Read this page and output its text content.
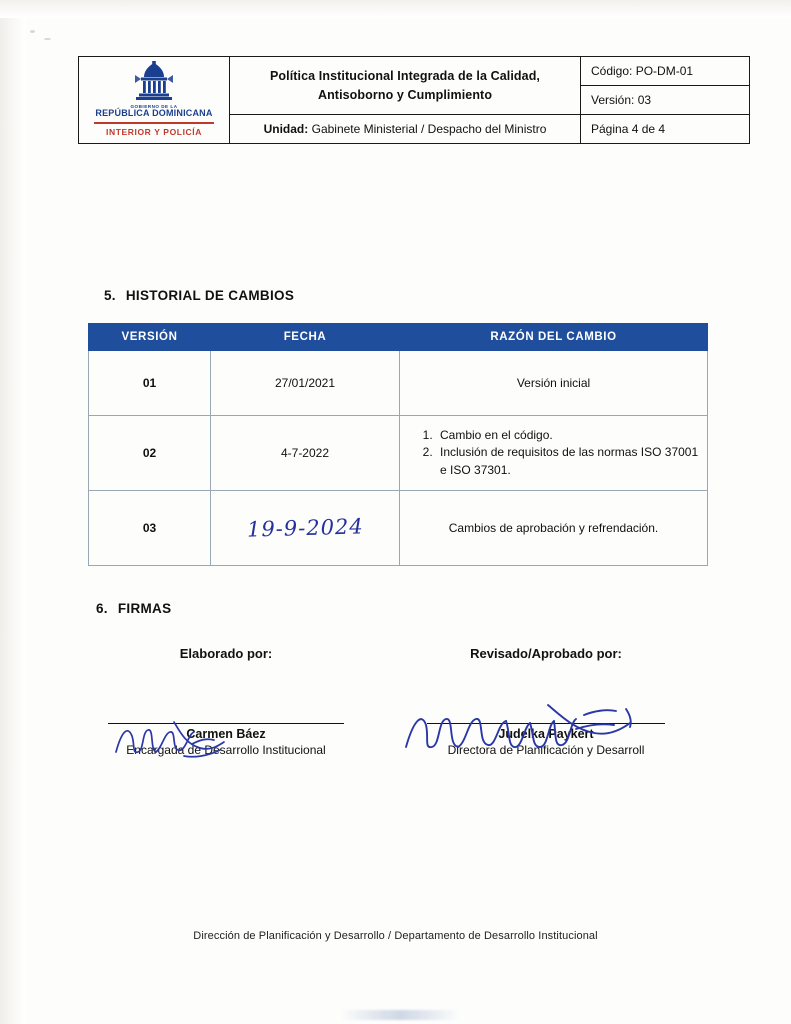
GOBIERNO DE LA
REPÚBLICA DOMINICANA
INTERIOR Y POLICÍA

Política Institucional Integrada de la Calidad,
Antisoborno y Cumplimiento
	Código: PO-DM-01
		Versión: 03
	Unidad: Gabinete Ministerial / Despacho del Ministro	Página 4 de 4
5. HISTORIAL DE CAMBIOS
VERSIÓN	FECHA	RAZÓN DEL CAMBIO
01	27/01/2021	Versión inicial
02	4-7-2022	
1. Cambio en el código.
2. Inclusión de requisitos de las normas ISO 37001 e ISO 37301.

03	19-9-2024	Cambios de aprobación y refrendación.
6. FIRMAS
Elaborado por:
Carmen Báez
Encargada de Desarrollo Institucional
Revisado/Aprobado por:
Judelka Paykert
Directora de Planificación y Desarroll
Dirección de Planificación y Desarrollo / Departamento de Desarrollo Institucional
